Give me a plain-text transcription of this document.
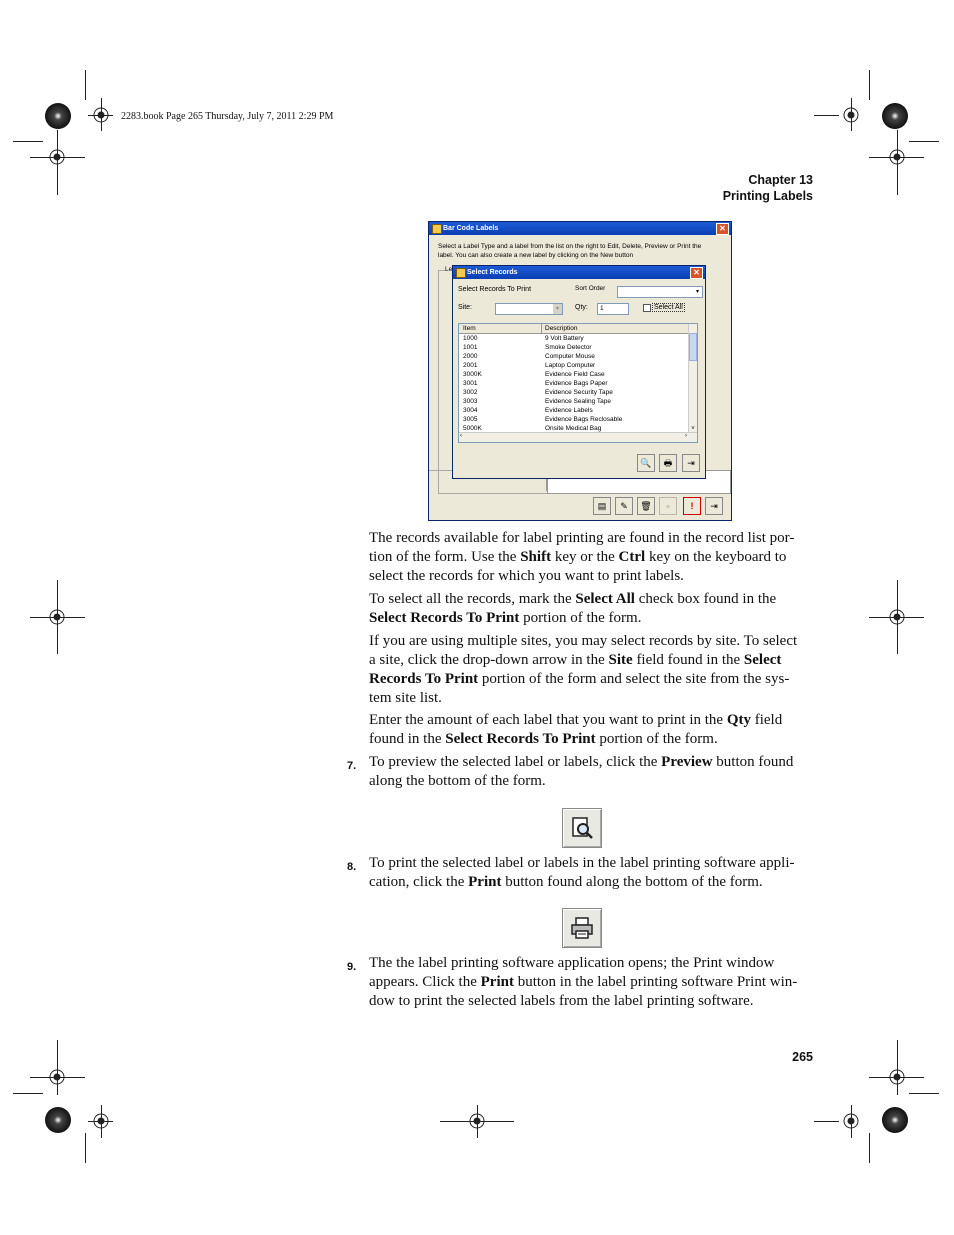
2283.book Page 265 Thursday, July 7, 2011 2:29 PM
Chapter 13
Printing Labels
Bar Code Labels	✕
Select a Label Type and a label from the list on the right to Edit, Delete, Preview or Print the label. You can also create a new label by clicking on the New button
Le
▤	✎	🗑	▫	!	⇥
Select Records	✕
Select Records To Print	Sort Order	▾
Site:	▾	Qty:	1	Select All
Item	Description
1000	9 Volt Battery
1001	Smoke Detector
2000	Computer Mouse
2001	Laptop Computer
3000K	Evidence Field Case
3001	Evidence Bags Paper
3002	Evidence Security Tape
3003	Evidence Sealing Tape
3004	Evidence Labels
3005	Evidence Bags Reclosable
5000K	Onsite Medical Bag	˅
‹	›
🔍	🖶	⇥
The records available for label printing are found in the record list por-
tion of the form. Use the Shift key or the Ctrl key on the keyboard to
select the records for which you want to print labels.
To select all the records, mark the Select All check box found in the
Select Records To Print portion of the form.
If you are using multiple sites, you may select records by site. To select
a site, click the drop-down arrow in the Site field found in the Select
Records To Print portion of the form and select the site from the sys-
tem site list.
Enter the amount of each label that you want to print in the Qty field
found in the Select Records To Print portion of the form.
7. To preview the selected label or labels, click the Preview button found
along the bottom of the form.
8. To print the selected label or labels in the label printing software appli-
cation, click the Print button found along the bottom of the form.
9. The the label printing software application opens; the Print window
appears. Click the Print button in the label printing software Print win-
dow to print the selected labels from the label printing software.
265
